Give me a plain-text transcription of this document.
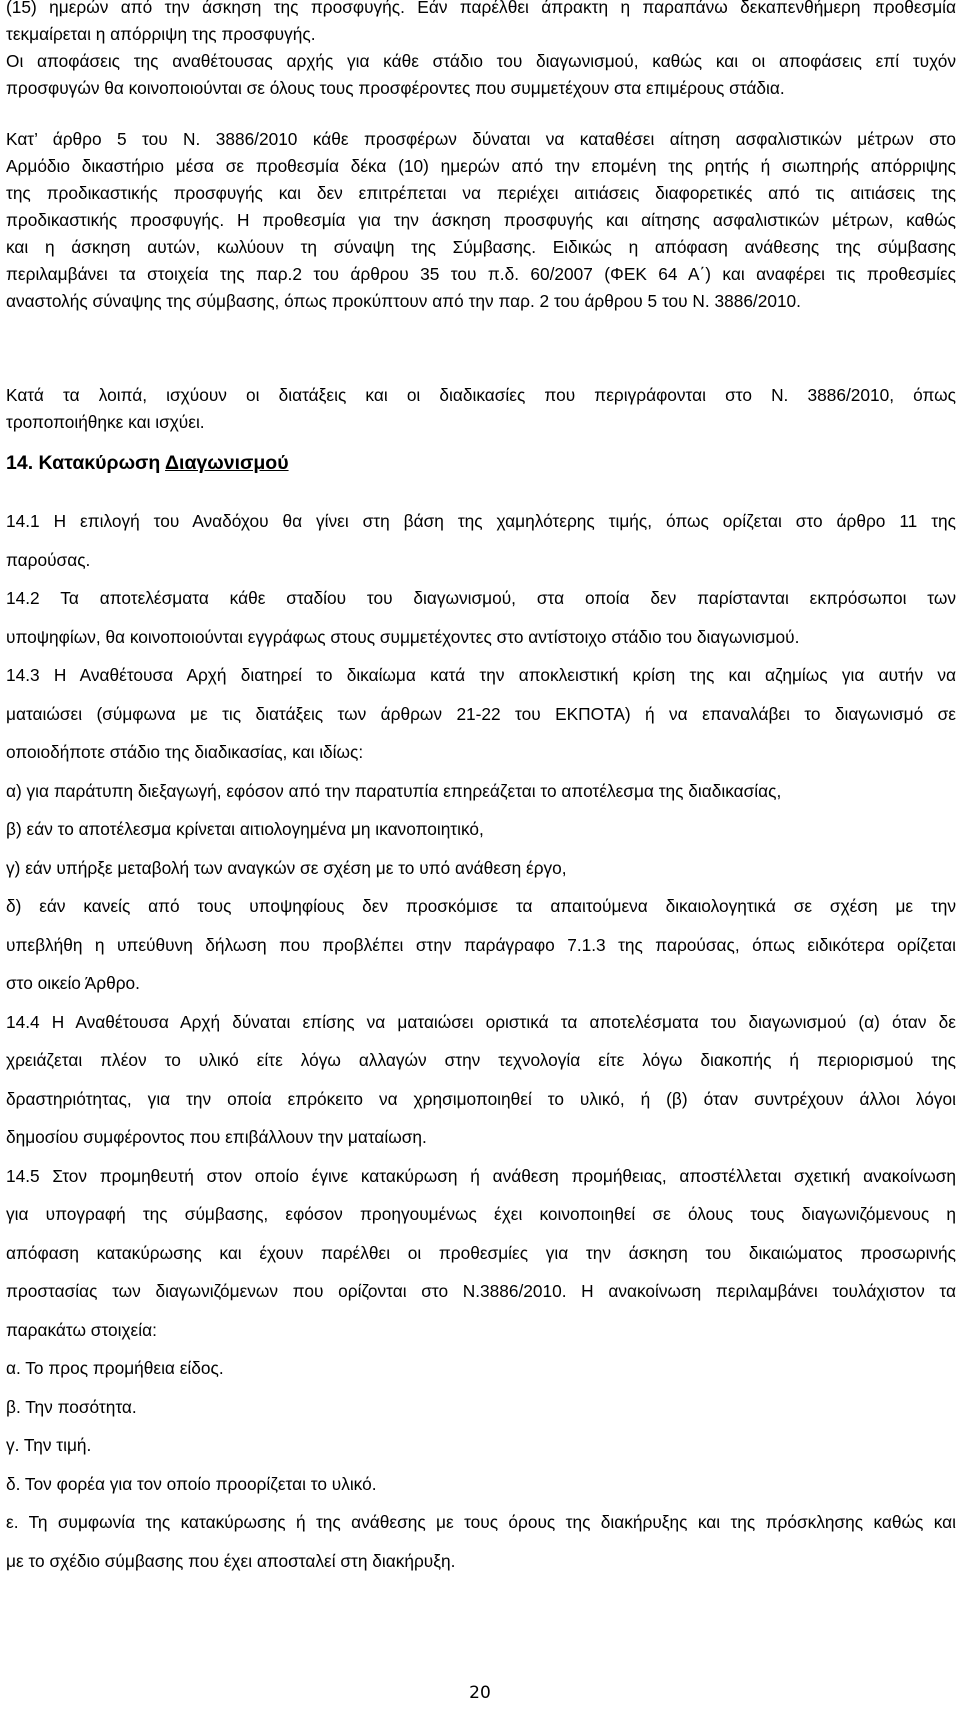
(15) ημερών από την άσκηση της προσφυγής. Εάν παρέλθει άπρακτη η παραπάνω δεκαπενθήμερη προθεσμία
τεκμαίρεται η απόρριψη της προσφυγής.
Οι αποφάσεις της αναθέτουσας αρχής για κάθε στάδιο του διαγωνισμού, καθώς και οι αποφάσεις επί τυχόν
προσφυγών θα κοινοποιούνται σε όλους τους προσφέροντες που συμμετέχουν στα επιμέρους στάδια.
Κατ’ άρθρο 5 του Ν. 3886/2010 κάθε προσφέρων δύναται να καταθέσει αίτηση ασφαλιστικών μέτρων στο
Αρμόδιο δικαστήριο μέσα σε προθεσμία δέκα (10) ημερών από την επομένη της ρητής ή σιωπηρής απόρριψης
της προδικαστικής προσφυγής και δεν επιτρέπεται να περιέχει αιτιάσεις διαφορετικές από τις αιτιάσεις της
προδικαστικής προσφυγής. Η προθεσμία για την άσκηση προσφυγής και αίτησης ασφαλιστικών μέτρων, καθώς
και η άσκηση αυτών, κωλύουν τη σύναψη της Σύμβασης. Ειδικώς η απόφαση ανάθεσης της σύμβασης
περιλαμβάνει τα στοιχεία της παρ.2 του άρθρου 35 του π.δ. 60/2007 (ΦΕΚ 64 Α΄) και αναφέρει τις προθεσμίες
αναστολής σύναψης της σύμβασης, όπως προκύπτουν από την παρ. 2 του άρθρου 5 του Ν. 3886/2010.
Κατά τα λοιπά, ισχύουν οι διατάξεις και οι διαδικασίες που περιγράφονται στο Ν. 3886/2010, όπως
τροποποιήθηκε και ισχύει.
14. Κατακύρωση Διαγωνισμού
14.1 Η επιλογή του Αναδόχου θα γίνει στη βάση της χαμηλότερης τιμής, όπως ορίζεται στο άρθρο 11 της
παρούσας.
14.2 Τα αποτελέσματα κάθε σταδίου του διαγωνισμού, στα οποία δεν παρίστανται εκπρόσωποι των
υποψηφίων, θα κοινοποιούνται εγγράφως στους συμμετέχοντες στο αντίστοιχο στάδιο του διαγωνισμού.
14.3 Η Αναθέτουσα Αρχή διατηρεί το δικαίωμα κατά την αποκλειστική κρίση της και αζημίως για αυτήν να
ματαιώσει (σύμφωνα με τις διατάξεις των άρθρων 21-22 του ΕΚΠΟΤΑ) ή να επαναλάβει το διαγωνισμό σε
οποιοδήποτε στάδιο της διαδικασίας, και ιδίως:
α) για παράτυπη διεξαγωγή, εφόσον από την παρατυπία επηρεάζεται το αποτέλεσμα της διαδικασίας,
β) εάν το αποτέλεσμα κρίνεται αιτιολογημένα μη ικανοποιητικό,
γ) εάν υπήρξε μεταβολή των αναγκών σε σχέση με το υπό ανάθεση έργο,
δ) εάν κανείς από τους υποψηφίους δεν προσκόμισε τα απαιτούμενα δικαιολογητικά σε σχέση με την
υπεβλήθη η υπεύθυνη δήλωση που προβλέπει στην παράγραφο 7.1.3 της παρούσας, όπως ειδικότερα ορίζεται
στο οικείο Άρθρο.
14.4 Η Αναθέτουσα Αρχή δύναται επίσης να ματαιώσει οριστικά τα αποτελέσματα του διαγωνισμού (α) όταν δε
χρειάζεται πλέον το υλικό είτε λόγω αλλαγών στην τεχνολογία είτε λόγω διακοπής ή περιορισμού της
δραστηριότητας, για την οποία επρόκειτο να χρησιμοποιηθεί το υλικό, ή (β) όταν συντρέχουν άλλοι λόγοι
δημοσίου συμφέροντος που επιβάλλουν την ματαίωση.
14.5 Στον προμηθευτή στον οποίο έγινε κατακύρωση ή ανάθεση προμήθειας, αποστέλλεται σχετική ανακοίνωση
για υπογραφή της σύμβασης, εφόσον προηγουμένως έχει κοινοποιηθεί σε όλους τους διαγωνιζόμενους η
απόφαση κατακύρωσης και έχουν παρέλθει οι προθεσμίες για την άσκηση του δικαιώματος προσωρινής
προστασίας των διαγωνιζόμενων που ορίζονται στο Ν.3886/2010. Η ανακοίνωση περιλαμβάνει τουλάχιστον τα
παρακάτω στοιχεία:
α. Το προς προμήθεια είδος.
β. Την ποσότητα.
γ. Την τιμή.
δ. Τον φορέα για τον οποίο προορίζεται το υλικό.
ε. Τη συμφωνία της κατακύρωσης ή της ανάθεσης με τους όρους της διακήρυξης και της πρόσκλησης καθώς και
με το σχέδιο σύμβασης που έχει αποσταλεί στη διακήρυξη.
20
